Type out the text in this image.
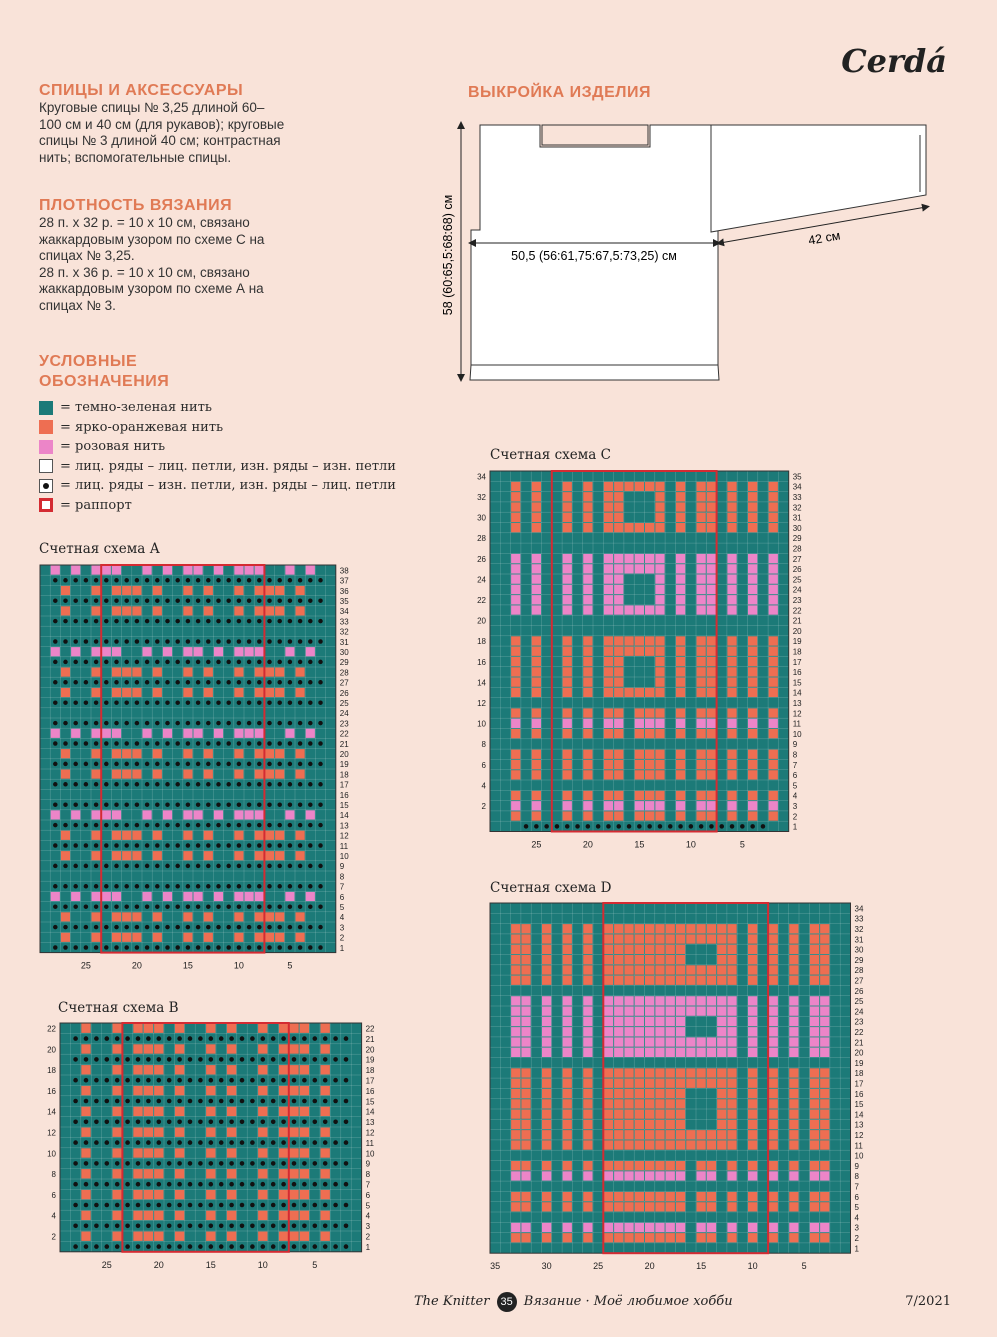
Cerdá
СПИЦЫ И АКСЕССУАРЫ
Круговые спицы № 3,25 длиной 60–
100 см и 40 см (для рукавов); круговые
спицы № 3 длиной 40 см; контрастная
нить; вспомогательные спицы.
ПЛОТНОСТЬ ВЯЗАНИЯ
28 п. х 32 р. = 10 х 10 см, связано
жаккардовым узором по схеме С на
спицах № 3,25.
28 п. х 36 р. = 10 х 10 см, связано
жаккардовым узором по схеме А на
спицах № 3.
УСЛОВНЫЕ
ОБОЗНАЧЕНИЯ
= темно-зеленая нить
= ярко-оранжевая нить
= розовая нить
= лиц. ряды – лиц. петли, изн. ряды – изн. петли
= лиц. ряды – изн. петли, изн. ряды – лиц. петли
= раппорт
ВЫКРОЙКА ИЗДЕЛИЯ
58 (60:65,5:68:68) см	50,5 (56:61,75:67,5:73,25) см
42 см
Счетная схема А
Счетная схема В
Счетная схема С
Счетная схема D
38
37
36
35
34
33
32
31
30
29
28
27
26
25
24
23
22
21
20
19
18
17
16
15
14
13
12
11
10
9
8
7
6
5
4
3
2
1
25	20	15	10	5
22
21
20
19
18
17
16
15
14
13
12
11
10
9
8
7
6
5
4
3
2
1
22
20
18
16
14
12
10
8
6
4
2
25	20	15	10	5
35
34
33
32
31
30
29
28
27
26
25
24
23
22
21
20
19
18
17
16
15
14
13
12
11
10
9
8
7
6
5
4
3
2
1
34
32
30
28
26
24
22
20
18
16
14
12
10
8
6
4
2
25	20	15	10	5
34
33
32
31
30
29
28
27
26
25
24
23
22
21
20
19
18
17
16
15
14
13
12
11
10
9
8
7
6
5
4
3
2
1
35	30	25	20	15	10	5
The Knitter 35 Вязание · Моё любимое хобби	7/2021
